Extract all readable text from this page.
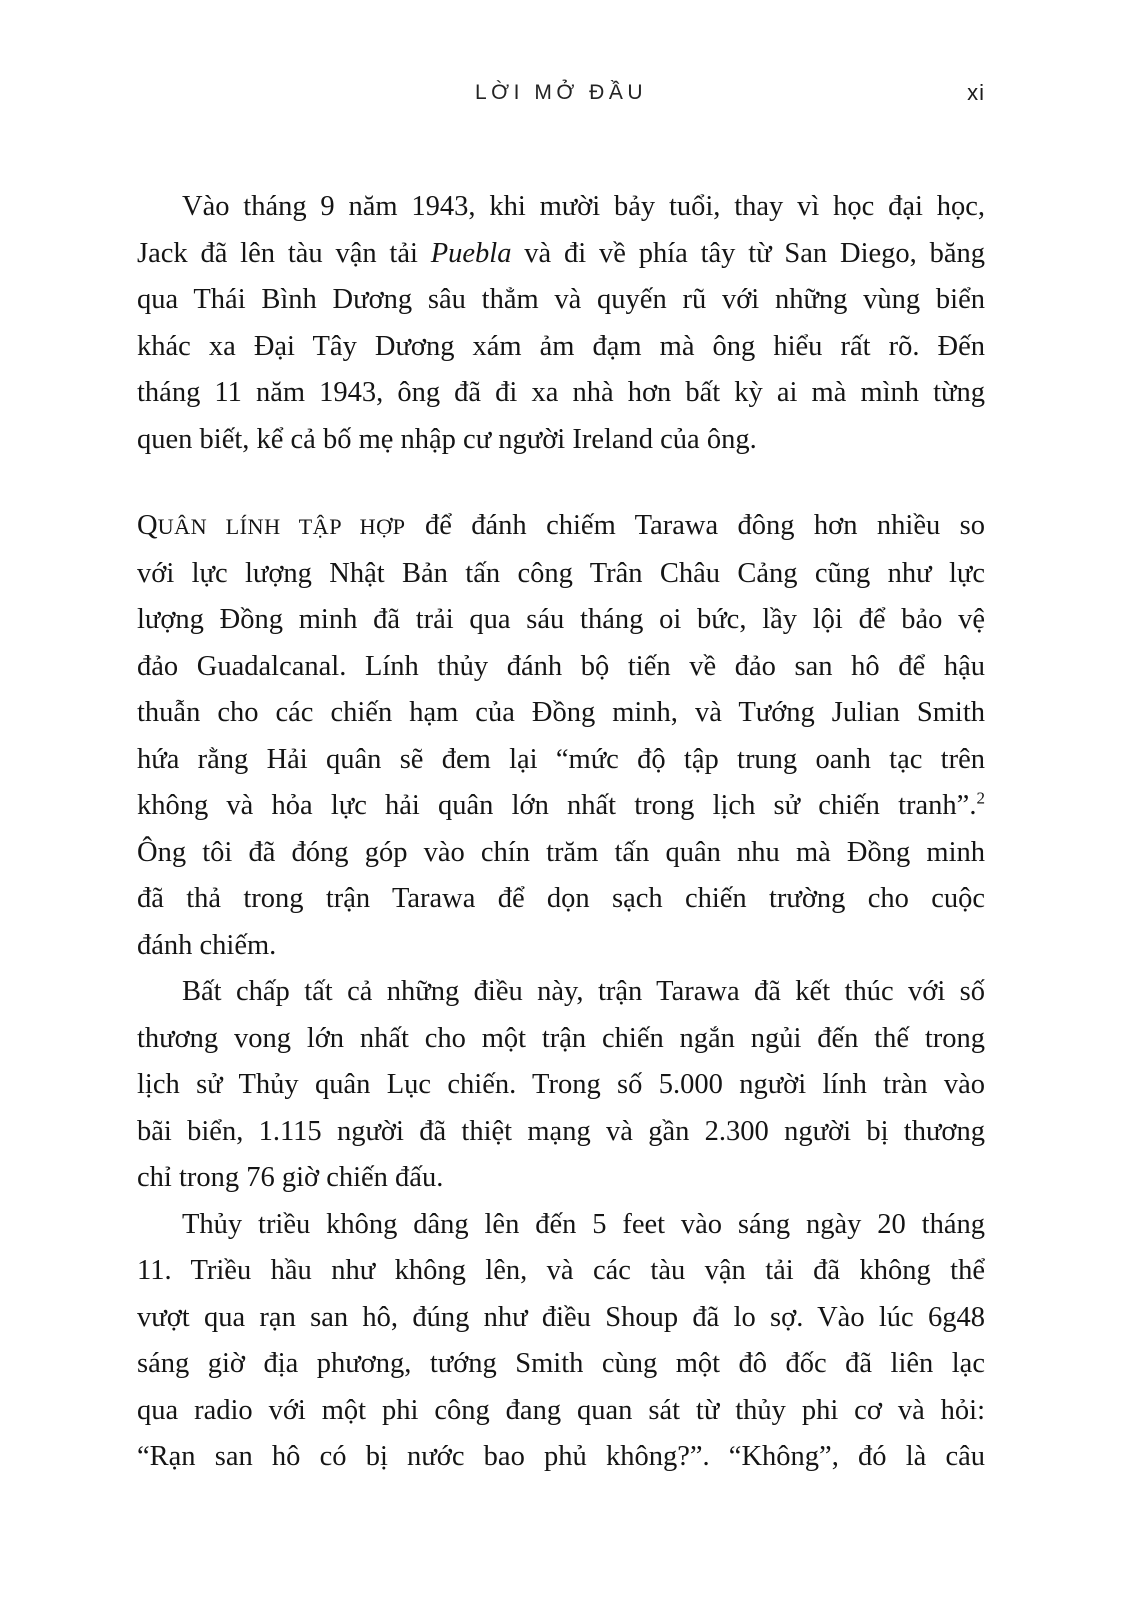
LỜI MỞ ĐẦU	xi
Vào tháng 9 năm 1943, khi mười bảy tuổi, thay vì học đại học,
Jack đã lên tàu vận tải Puebla và đi về phía tây từ San Diego, băng
qua Thái Bình Dương sâu thẳm và quyến rũ với những vùng biển
khác xa Đại Tây Dương xám ảm đạm mà ông hiểu rất rõ. Đến
tháng 11 năm 1943, ông đã đi xa nhà hơn bất kỳ ai mà mình từng
quen biết, kể cả bố mẹ nhập cư người Ireland của ông.
QUÂN LÍNH TẬP HỢP để đánh chiếm Tarawa đông hơn nhiều so
với lực lượng Nhật Bản tấn công Trân Châu Cảng cũng như lực
lượng Đồng minh đã trải qua sáu tháng oi bức, lầy lội để bảo vệ
đảo Guadalcanal. Lính thủy đánh bộ tiến về đảo san hô để hậu
thuẫn cho các chiến hạm của Đồng minh, và Tướng Julian Smith
hứa rằng Hải quân sẽ đem lại “mức độ tập trung oanh tạc trên
không và hỏa lực hải quân lớn nhất trong lịch sử chiến tranh”.$^2$
Ông tôi đã đóng góp vào chín trăm tấn quân nhu mà Đồng minh
đã thả trong trận Tarawa để dọn sạch chiến trường cho cuộc
đánh chiếm.
Bất chấp tất cả những điều này, trận Tarawa đã kết thúc với số
thương vong lớn nhất cho một trận chiến ngắn ngủi đến thế trong
lịch sử Thủy quân Lục chiến. Trong số 5.000 người lính tràn vào
bãi biển, 1.115 người đã thiệt mạng và gần 2.300 người bị thương
chỉ trong 76 giờ chiến đấu.
Thủy triều không dâng lên đến 5 feet vào sáng ngày 20 tháng
11. Triều hầu như không lên, và các tàu vận tải đã không thể
vượt qua rạn san hô, đúng như điều Shoup đã lo sợ. Vào lúc 6g48
sáng giờ địa phương, tướng Smith cùng một đô đốc đã liên lạc
qua radio với một phi công đang quan sát từ thủy phi cơ và hỏi:
“Rạn san hô có bị nước bao phủ không?”. “Không”, đó là câu
